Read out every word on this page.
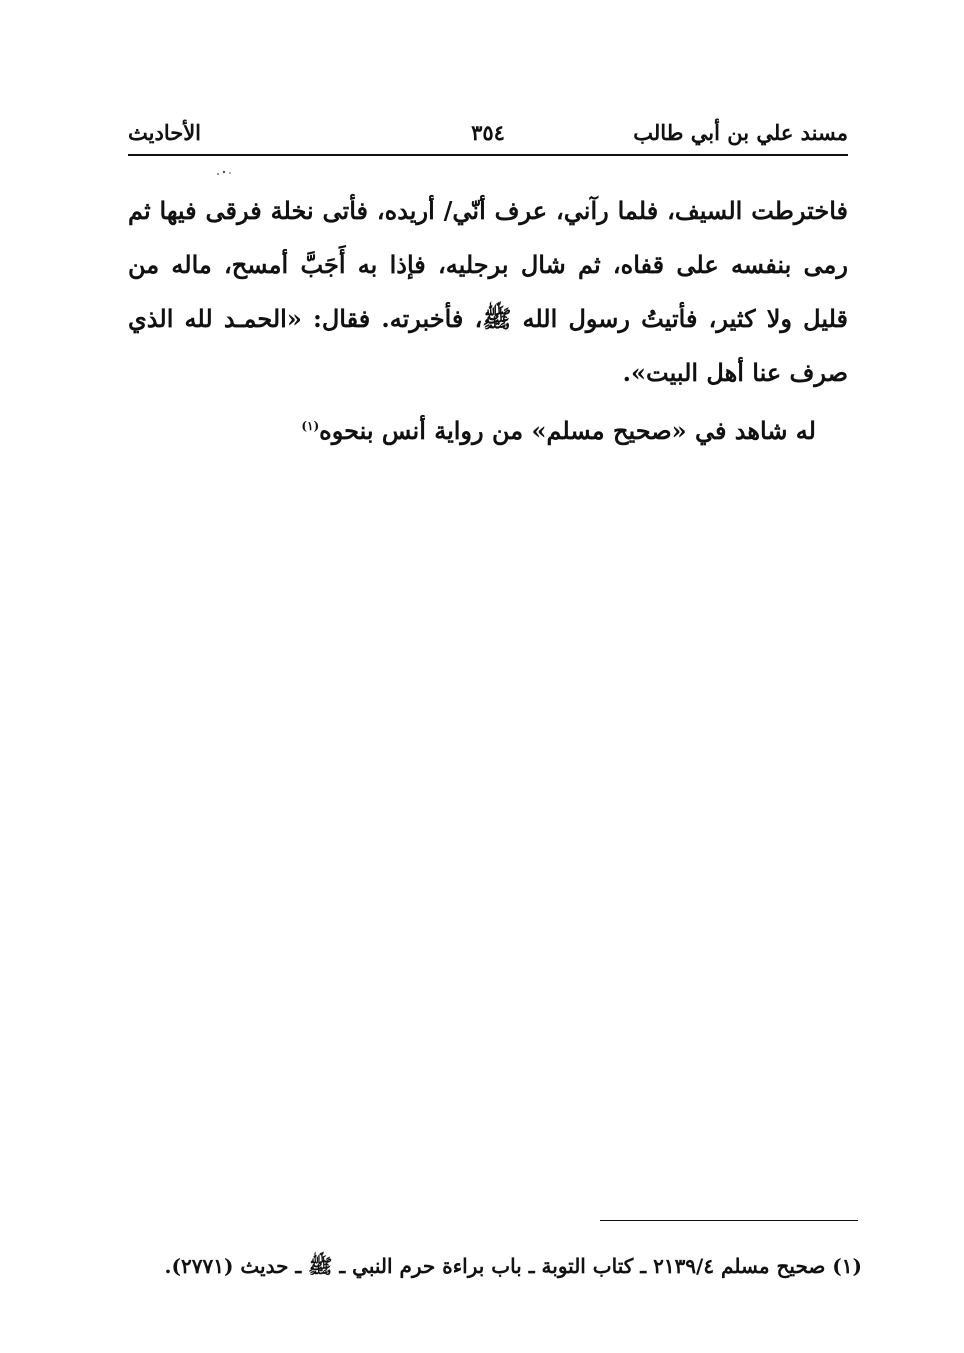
مسند علي بن أبي طالب
٣٥٤
الأحاديث

فاخترطت السيف، فلما رآني، عرف أنّي/ أريده، فأتى نخلة فرقى فيها ثم رمى بنفسه على قفاه، ثم شال برجليه، فإذا به أَجَبَّ أمسح، ماله من قليل ولا كثير، فأتيتُ رسول الله ﷺ، فأخبرته. فقال: «الحمـد لله الذي صرف عنا أهل البيت».

له شاهد في «صحيح مسلم» من رواية أنس بنحوه$^{(١)}$

(١) صحيح مسلم ٢١٣٩/٤ ـ كتاب التوبة ـ باب براءة حرم النبي ـ ﷺ ـ حديث (٢٧٧١).
